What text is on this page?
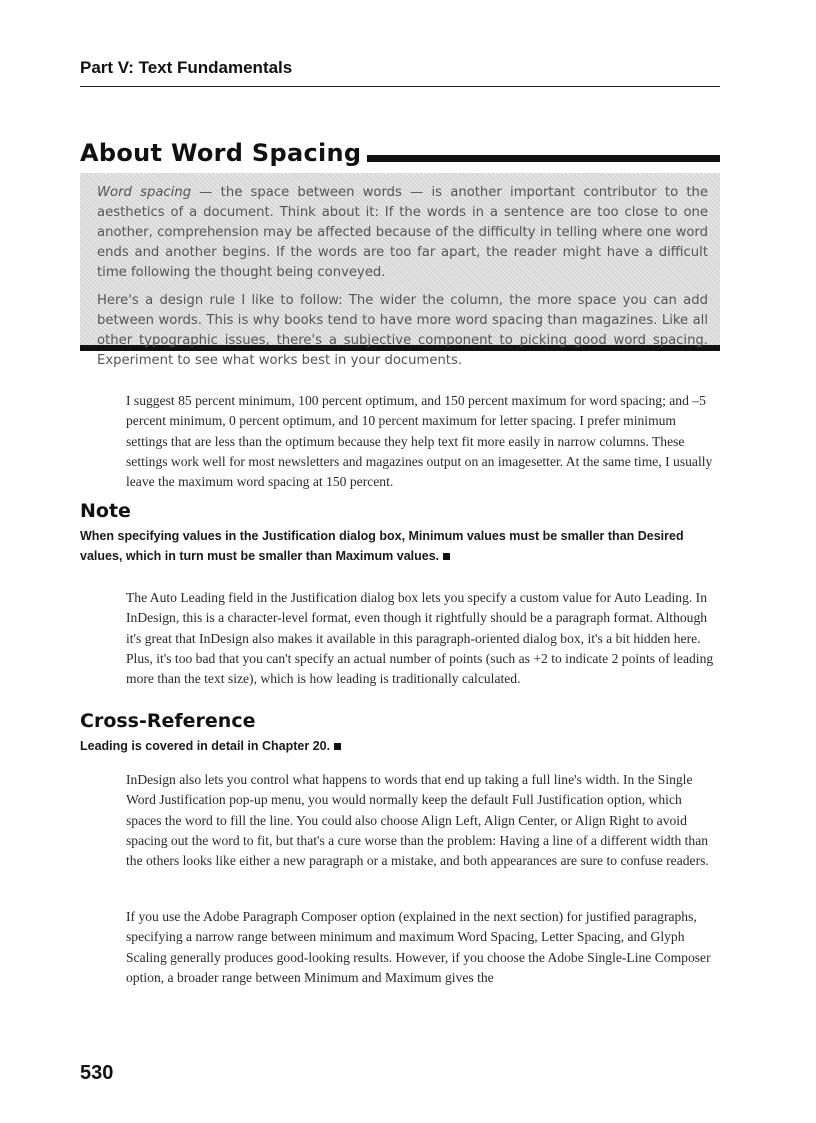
Part V: Text Fundamentals
About Word Spacing

Word spacing — the space between words — is another important contributor to the aesthetics of a document. Think about it: If the words in a sentence are too close to one another, comprehension may be affected because of the difficulty in telling where one word ends and another begins. If the words are too far apart, the reader might have a difficult time following the thought being conveyed.

Here's a design rule I like to follow: The wider the column, the more space you can add between words. This is why books tend to have more word spacing than magazines. Like all other typographic issues, there's a subjective component to picking good word spacing. Experiment to see what works best in your documents.

I suggest 85 percent minimum, 100 percent optimum, and 150 percent maximum for word spacing; and –5 percent minimum, 0 percent optimum, and 10 percent maximum for letter spacing. I prefer minimum settings that are less than the optimum because they help text fit more easily in narrow columns. These settings work well for most newsletters and magazines output on an imagesetter. At the same time, I usually leave the maximum word spacing at 150 percent.

Note
When specifying values in the Justification dialog box, Minimum values must be smaller than Desired values, which in turn must be smaller than Maximum values.

The Auto Leading field in the Justification dialog box lets you specify a custom value for Auto Leading. In InDesign, this is a character-level format, even though it rightfully should be a paragraph format. Although it's great that InDesign also makes it available in this paragraph-oriented dialog box, it's a bit hidden here. Plus, it's too bad that you can't specify an actual number of points (such as +2 to indicate 2 points of leading more than the text size), which is how leading is traditionally calculated.

Cross-Reference
Leading is covered in detail in Chapter 20.

InDesign also lets you control what happens to words that end up taking a full line's width. In the Single Word Justification pop-up menu, you would normally keep the default Full Justification option, which spaces the word to fill the line. You could also choose Align Left, Align Center, or Align Right to avoid spacing out the word to fit, but that's a cure worse than the problem: Having a line of a different width than the others looks like either a new paragraph or a mistake, and both appearances are sure to confuse readers.

If you use the Adobe Paragraph Composer option (explained in the next section) for justified paragraphs, specifying a narrow range between minimum and maximum Word Spacing, Letter Spacing, and Glyph Scaling generally produces good-looking results. However, if you choose the Adobe Single-Line Composer option, a broader range between Minimum and Maximum gives the

530
